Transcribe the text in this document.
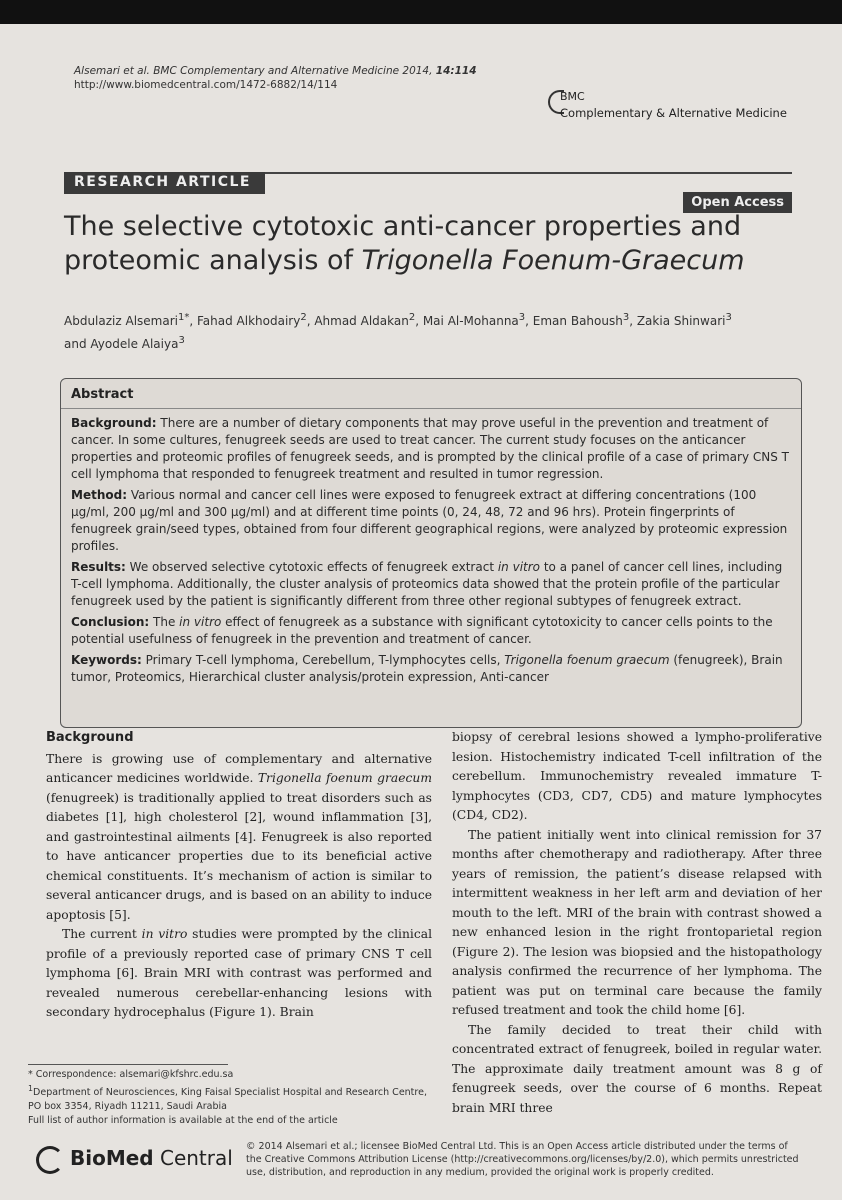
Alsemari et al. BMC Complementary and Alternative Medicine 2014, 14:114
http://www.biomedcentral.com/1472-6882/14/114
BMC
Complementary & Alternative Medicine
RESEARCH ARTICLE
Open Access
The selective cytotoxic anti-cancer properties and
proteomic analysis of Trigonella Foenum-Graecum
Abdulaziz Alsemari$^{1*}$, Fahad Alkhodairy$^2$, Ahmad Aldakan$^2$, Mai Al-Mohanna$^3$, Eman Bahoush$^3$, Zakia Shinwari$^3$
and Ayodele Alaiya$^3$
Abstract

Background: There are a number of dietary components that may prove useful in the prevention and treatment of cancer. In some cultures, fenugreek seeds are used to treat cancer. The current study focuses on the anticancer properties and proteomic profiles of fenugreek seeds, and is prompted by the clinical profile of a case of primary CNS T cell lymphoma that responded to fenugreek treatment and resulted in tumor regression.

Method: Various normal and cancer cell lines were exposed to fenugreek extract at differing concentrations (100 µg/ml, 200 µg/ml and 300 µg/ml) and at different time points (0, 24, 48, 72 and 96 hrs). Protein fingerprints of fenugreek grain/seed types, obtained from four different geographical regions, were analyzed by proteomic expression profiles.

Results: We observed selective cytotoxic effects of fenugreek extract in vitro to a panel of cancer cell lines, including T-cell lymphoma. Additionally, the cluster analysis of proteomics data showed that the protein profile of the particular fenugreek used by the patient is significantly different from three other regional subtypes of fenugreek extract.

Conclusion: The in vitro effect of fenugreek as a substance with significant cytotoxicity to cancer cells points to the potential usefulness of fenugreek in the prevention and treatment of cancer.

Keywords: Primary T-cell lymphoma, Cerebellum, T-lymphocytes cells, Trigonella foenum graecum (fenugreek), Brain tumor, Proteomics, Hierarchical cluster analysis/protein expression, Anti-cancer

Background

There is growing use of complementary and alternative anticancer medicines worldwide. Trigonella foenum graecum (fenugreek) is traditionally applied to treat disorders such as diabetes [1], high cholesterol [2], wound inflammation [3], and gastrointestinal ailments [4]. Fenugreek is also reported to have anticancer properties due to its beneficial active chemical constituents. It’s mechanism of action is similar to several anticancer drugs, and is based on an ability to induce apoptosis [5].

The current in vitro studies were prompted by the clinical profile of a previously reported case of primary CNS T cell lymphoma [6]. Brain MRI with contrast was performed and revealed numerous cerebellar-enhancing lesions with secondary hydrocephalus (Figure 1). Brain

biopsy of cerebral lesions showed a lympho-proliferative lesion. Histochemistry indicated T-cell infiltration of the cerebellum. Immunochemistry revealed immature T-lymphocytes (CD3, CD7, CD5) and mature lymphocytes (CD4, CD2).

The patient initially went into clinical remission for 37 months after chemotherapy and radiotherapy. After three years of remission, the patient’s disease relapsed with intermittent weakness in her left arm and deviation of her mouth to the left. MRI of the brain with contrast showed a new enhanced lesion in the right frontoparietal region (Figure 2). The lesion was biopsied and the histopathology analysis confirmed the recurrence of her lymphoma. The patient was put on terminal care because the family refused treatment and took the child home [6].

The family decided to treat their child with concentrated extract of fenugreek, boiled in regular water. The approximate daily treatment amount was 8 g of fenugreek seeds, over the course of 6 months. Repeat brain MRI three

* Correspondence: alsemari@kfshrc.edu.sa
$^1$Department of Neurosciences, King Faisal Specialist Hospital and Research Centre, PO box 3354, Riyadh 11211, Saudi Arabia
Full list of author information is available at the end of the article
BioMed Central © 2014 Alsemari et al.; licensee BioMed Central Ltd. This is an Open Access article distributed under the terms of the Creative Commons Attribution License (http://creativecommons.org/licenses/by/2.0), which permits unrestricted use, distribution, and reproduction in any medium, provided the original work is properly credited.
